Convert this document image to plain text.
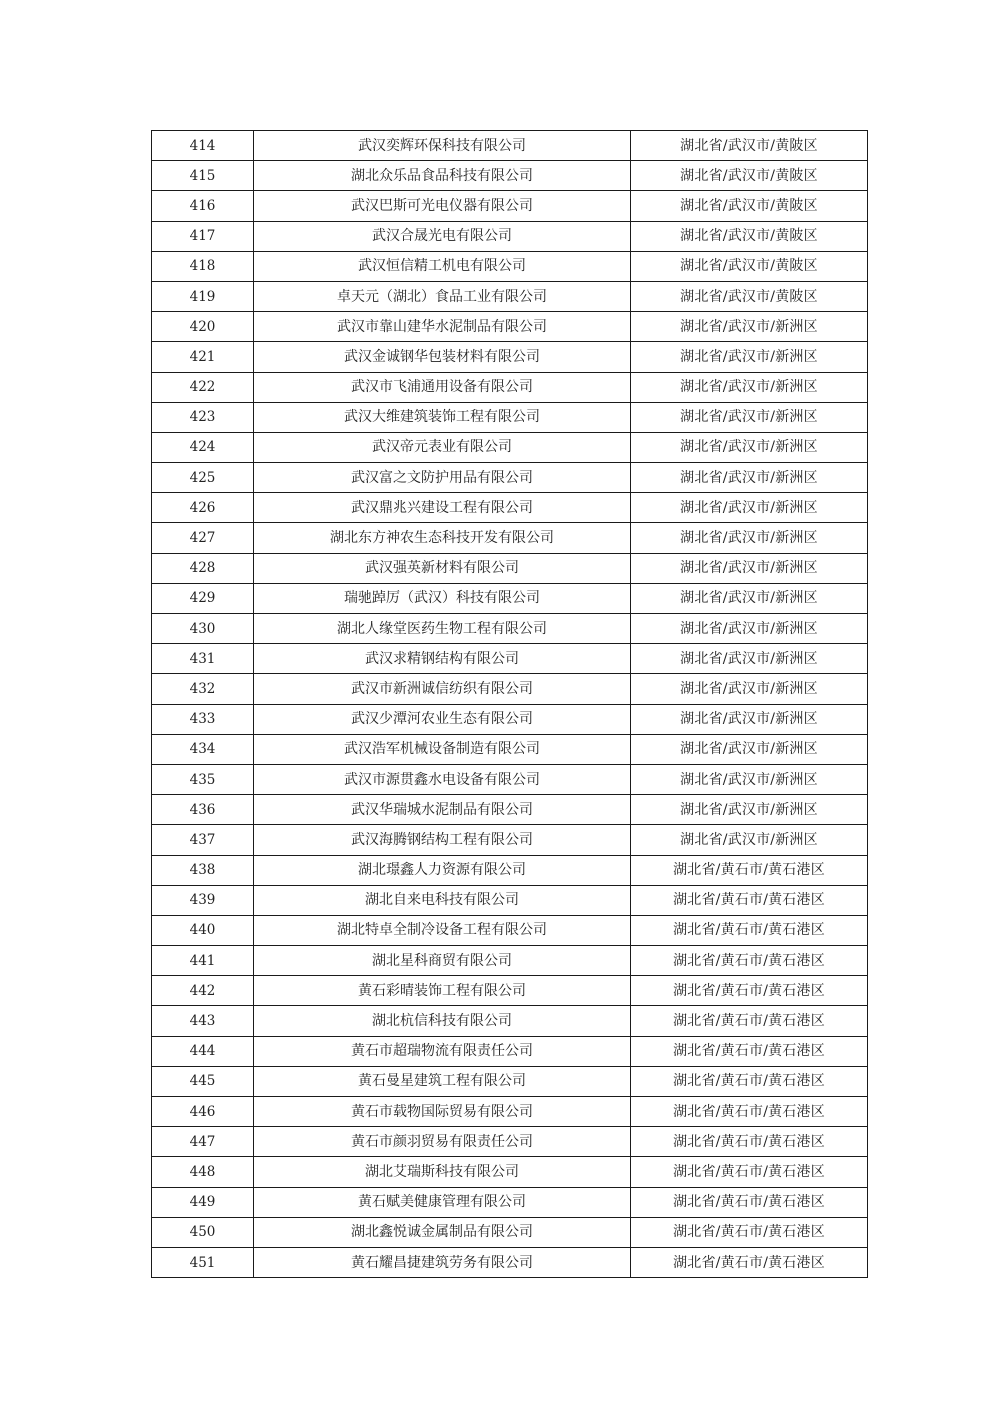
414	武汉奕辉环保科技有限公司	湖北省/武汉市/黄陂区
415	湖北众乐品食品科技有限公司	湖北省/武汉市/黄陂区
416	武汉巴斯可光电仪器有限公司	湖北省/武汉市/黄陂区
417	武汉合晟光电有限公司	湖北省/武汉市/黄陂区
418	武汉恒信精工机电有限公司	湖北省/武汉市/黄陂区
419	卓天元（湖北）食品工业有限公司	湖北省/武汉市/黄陂区
420	武汉市靠山建华水泥制品有限公司	湖北省/武汉市/新洲区
421	武汉金诚钢华包装材料有限公司	湖北省/武汉市/新洲区
422	武汉市飞浦通用设备有限公司	湖北省/武汉市/新洲区
423	武汉大维建筑装饰工程有限公司	湖北省/武汉市/新洲区
424	武汉帝元表业有限公司	湖北省/武汉市/新洲区
425	武汉富之文防护用品有限公司	湖北省/武汉市/新洲区
426	武汉鼎兆兴建设工程有限公司	湖北省/武汉市/新洲区
427	湖北东方神农生态科技开发有限公司	湖北省/武汉市/新洲区
428	武汉强英新材料有限公司	湖北省/武汉市/新洲区
429	瑞驰踔厉（武汉）科技有限公司	湖北省/武汉市/新洲区
430	湖北人缘堂医药生物工程有限公司	湖北省/武汉市/新洲区
431	武汉求精钢结构有限公司	湖北省/武汉市/新洲区
432	武汉市新洲诚信纺织有限公司	湖北省/武汉市/新洲区
433	武汉少潭河农业生态有限公司	湖北省/武汉市/新洲区
434	武汉浩军机械设备制造有限公司	湖北省/武汉市/新洲区
435	武汉市源贯鑫水电设备有限公司	湖北省/武汉市/新洲区
436	武汉华瑞城水泥制品有限公司	湖北省/武汉市/新洲区
437	武汉海腾钢结构工程有限公司	湖北省/武汉市/新洲区
438	湖北璟鑫人力资源有限公司	湖北省/黄石市/黄石港区
439	湖北自来电科技有限公司	湖北省/黄石市/黄石港区
440	湖北特卓全制冷设备工程有限公司	湖北省/黄石市/黄石港区
441	湖北星科商贸有限公司	湖北省/黄石市/黄石港区
442	黄石彩晴装饰工程有限公司	湖北省/黄石市/黄石港区
443	湖北杭信科技有限公司	湖北省/黄石市/黄石港区
444	黄石市超瑞物流有限责任公司	湖北省/黄石市/黄石港区
445	黄石曼星建筑工程有限公司	湖北省/黄石市/黄石港区
446	黄石市载物国际贸易有限公司	湖北省/黄石市/黄石港区
447	黄石市颜羽贸易有限责任公司	湖北省/黄石市/黄石港区
448	湖北艾瑞斯科技有限公司	湖北省/黄石市/黄石港区
449	黄石赋美健康管理有限公司	湖北省/黄石市/黄石港区
450	湖北鑫悦诚金属制品有限公司	湖北省/黄石市/黄石港区
451	黄石耀昌捷建筑劳务有限公司	湖北省/黄石市/黄石港区
